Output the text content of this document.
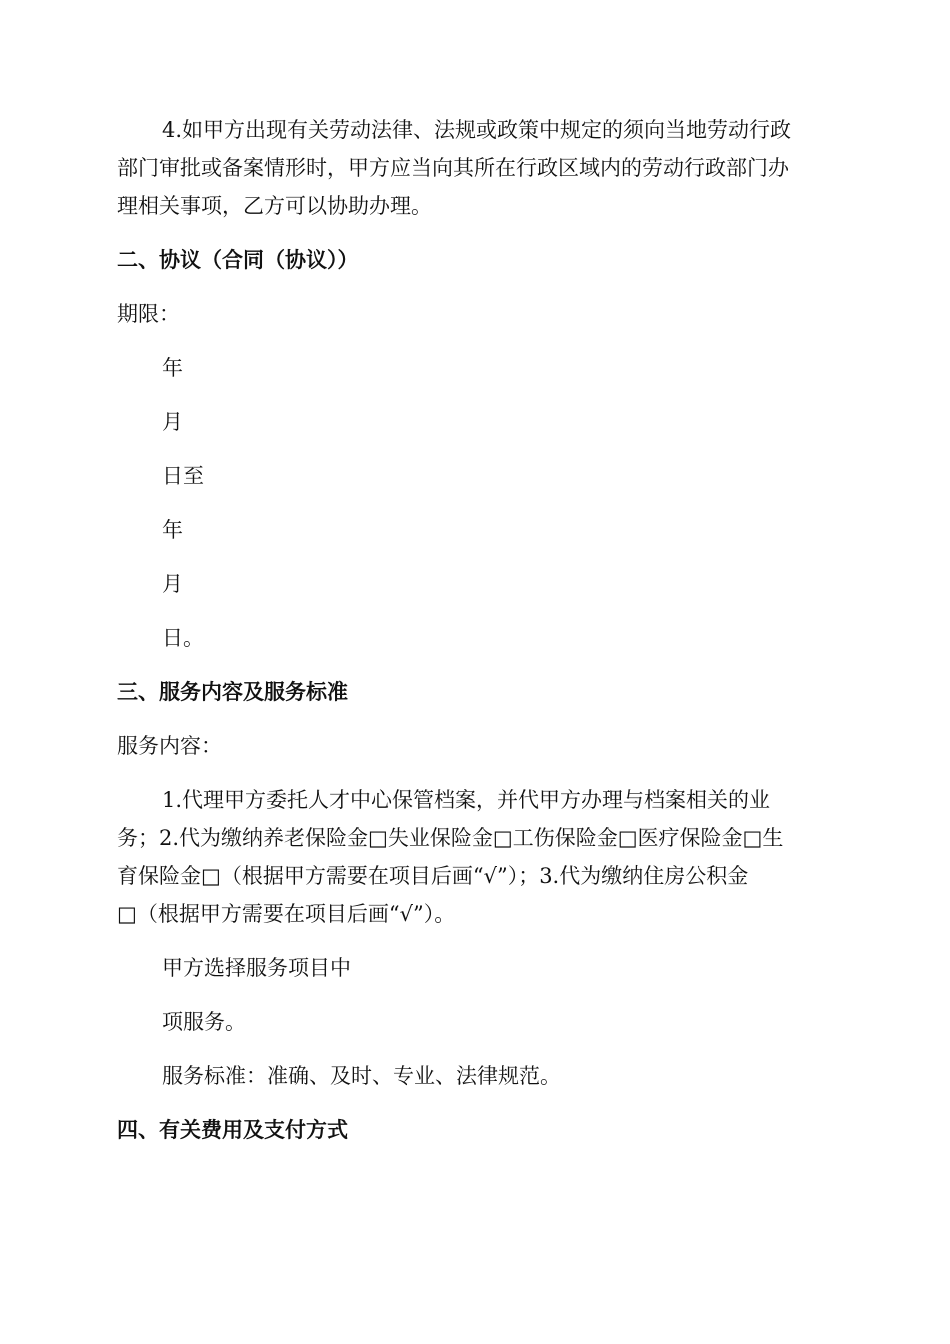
4.如甲方出现有关劳动法律、法规或政策中规定的须向当地劳动行政
部门审批或备案情形时，甲方应当向其所在行政区域内的劳动行政部门办
理相关事项，乙方可以协助办理。
二、协议（合同（协议））
期限：
年
月
日至
年
月
日。
三、服务内容及服务标准
服务内容：
1.代理甲方委托人才中心保管档案，并代甲方办理与档案相关的业
务；2.代为缴纳养老保险金□失业保险金□工伤保险金□医疗保险金□生
育保险金□（根据甲方需要在项目后画“√”）；3.代为缴纳住房公积金
□（根据甲方需要在项目后画“√”）。
甲方选择服务项目中
项服务。
服务标准：准确、及时、专业、法律规范。
四、有关费用及支付方式
